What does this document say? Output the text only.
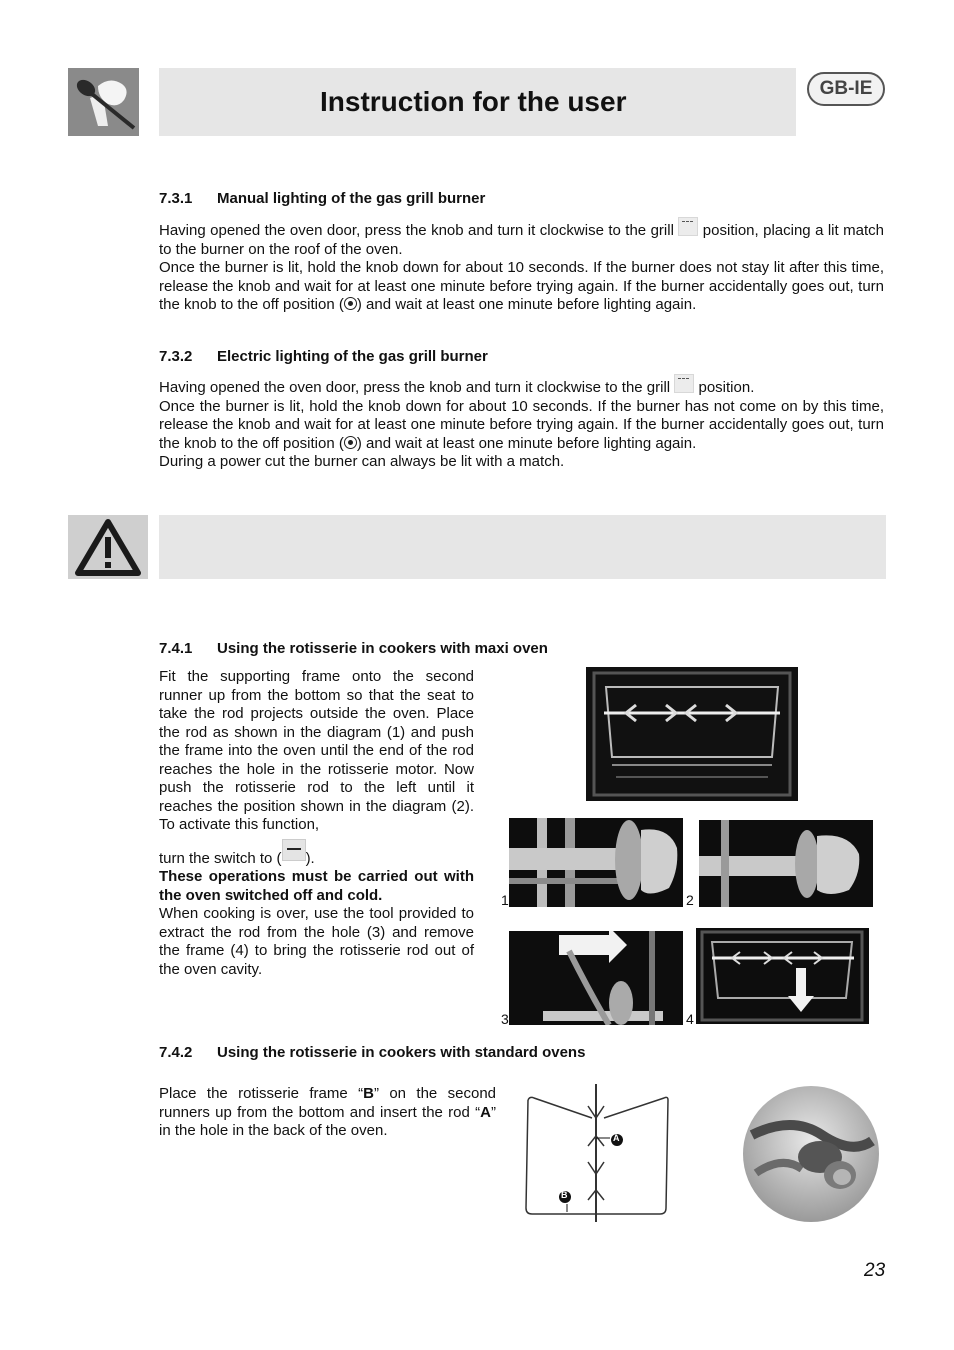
Instruction for the user	GB-IE
7.3.1 Manual lighting of the gas grill burner
Having opened the oven door, press the knob and turn it clockwise to the grill position, placing a lit match to the burner on the roof of the oven.
Once the burner is lit, hold the knob down for about 10 seconds. If the burner does not stay lit after this time, release the knob and wait for at least one minute before trying again. If the burner accidentally goes out, turn the knob to the off position ( ) and wait at least one minute before lighting again.
7.3.2 Electric lighting of the gas grill burner
Having opened the oven door, press the knob and turn it clockwise to the grill position.
Once the burner is lit, hold the knob down for about 10 seconds. If the burner has not come on by this time, release the knob and wait for at least one minute before trying again. If the burner accidentally goes out, turn the knob to the off position ( ) and wait at least one minute before lighting again.
During a power cut the burner can always be lit with a match.
7.4.1 Using the rotisserie in cookers with maxi oven
Fit the supporting frame onto the second runner up from the bottom so that the seat to take the rod projects outside the oven. Place the rod as shown in the diagram (1) and push the frame into the oven until the end of the rod reaches the hole in the rotisserie motor. Now push the rotisserie rod to the left until it reaches the position shown in the diagram (2). To activate this function,
turn the switch to ( ).
These operations must be carried out with the oven switched off and cold.
When cooking is over, use the tool provided to extract the rod from the hole (3) and remove the frame (4) to bring the rotisserie rod out of the oven cavity.
1	2
3	4
7.4.2 Using the rotisserie in cookers with standard ovens
Place the rotisserie frame “B” on the second runners up from the bottom and insert the rod “A” in the hole in the back of the oven.	A
B
23
